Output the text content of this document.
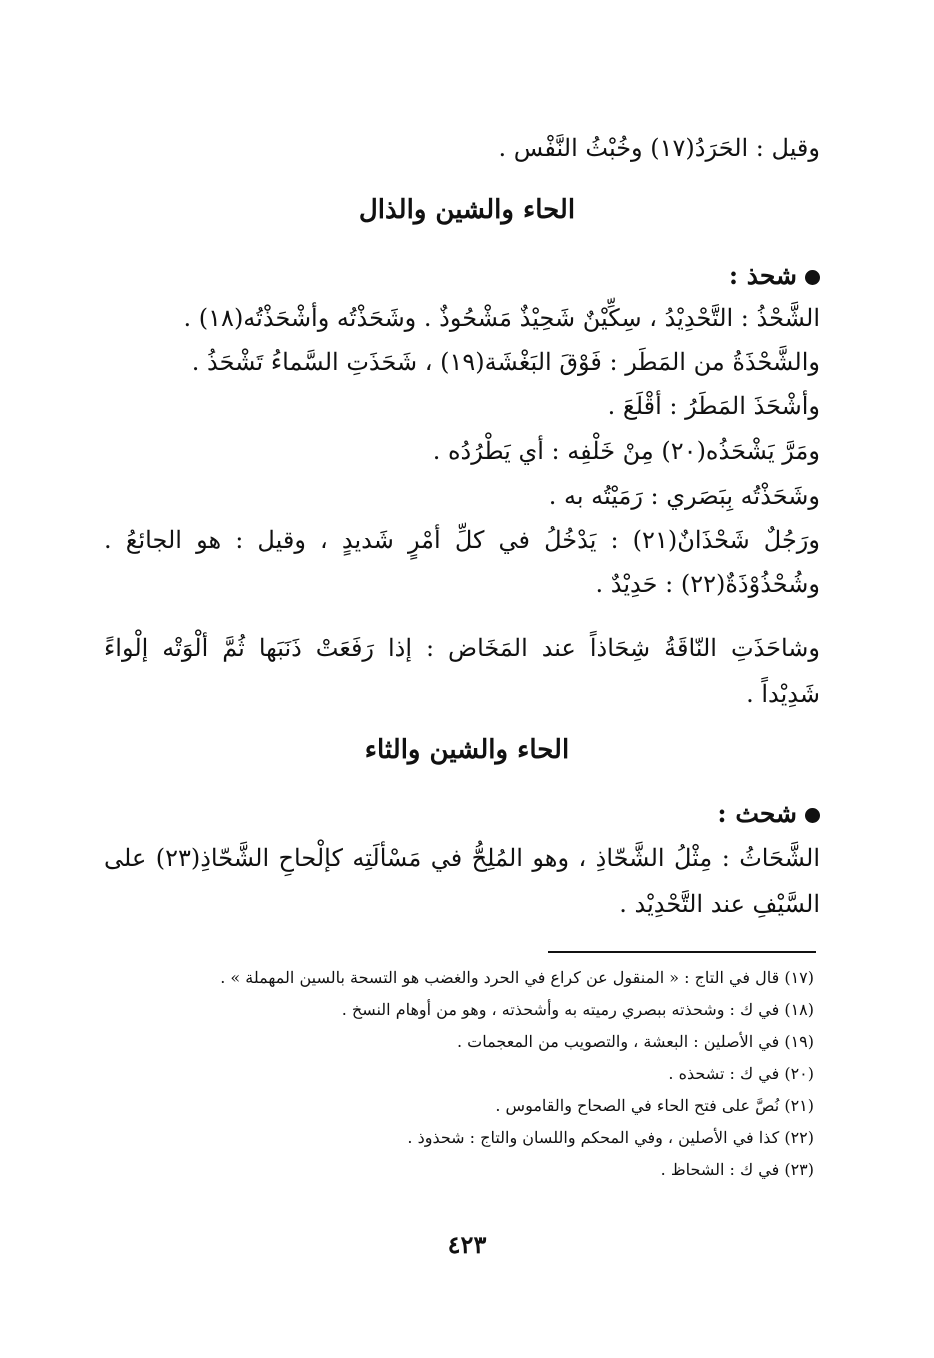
وقيل : الحَرَدُ(١٧) وخُبْثُ النَّفْس .
الحاء والشين والذال
شحذ :
الشَّحْذُ : التَّحْدِيْدُ ، سِكِّيْنٌ شَحِيْذٌ مَشْحُوذٌ . وشَحَذْتُه وأشْحَذْتُه(١٨) .
والشَّحْذَةُ من المَطَر : فَوْقَ البَغْشَة(١٩) ، شَحَذَتِ السَّماءُ تَشْحَذُ .
وأشْحَذَ المَطَرُ : أقْلَعَ .
ومَرَّ يَشْحَذُه(٢٠) مِنْ خَلْفِه : أي يَطْرُدُه .
وشَحَذْتُه بِبَصَري : رَمَيْتُه به .
ورَجُلٌ شَحْذَانٌ(٢١) : يَدْخُلُ في كلِّ أمْرٍ شَديدٍ ، وقيل : هو الجائعُ .
وشُحْذُوْذَةٌ(٢٢) : حَدِيْدٌ .
وشاحَذَتِ النّاقَةُ شِحَاذاً عند المَخَاض : إذا رَفَعَتْ ذَنَبَها ثُمَّ ألْوَتْه إلْواءً
شَدِيْداً .
الحاء والشين والثاء
شحث :
الشَّحَاثُ : مِثْلُ الشَّحّاذِ ، وهو المُلِحُّ في مَسْألَتِه كإلْحاحِ الشَّحّاذِ(٢٣) على
السَّيْفِ عند التَّحْدِيْد .
(١٧) قال في التاج : « المنقول عن كراع في الحرد والغضب هو التسحة بالسين المهملة » .
(١٨) في ك : وشحذته ببصري رميته به وأشحذته ، وهو من أوهام النسخ .
(١٩) في الأصلين : البعشة ، والتصويب من المعجمات .
(٢٠) في ك : تشحذه .
(٢١) نُصَّ على فتح الحاء في الصحاح والقاموس .
(٢٢) كذا في الأصلين ، وفي المحكم واللسان والتاج : شحذوذ .
(٢٣) في ك : الشحاظ .
٤٢٣
